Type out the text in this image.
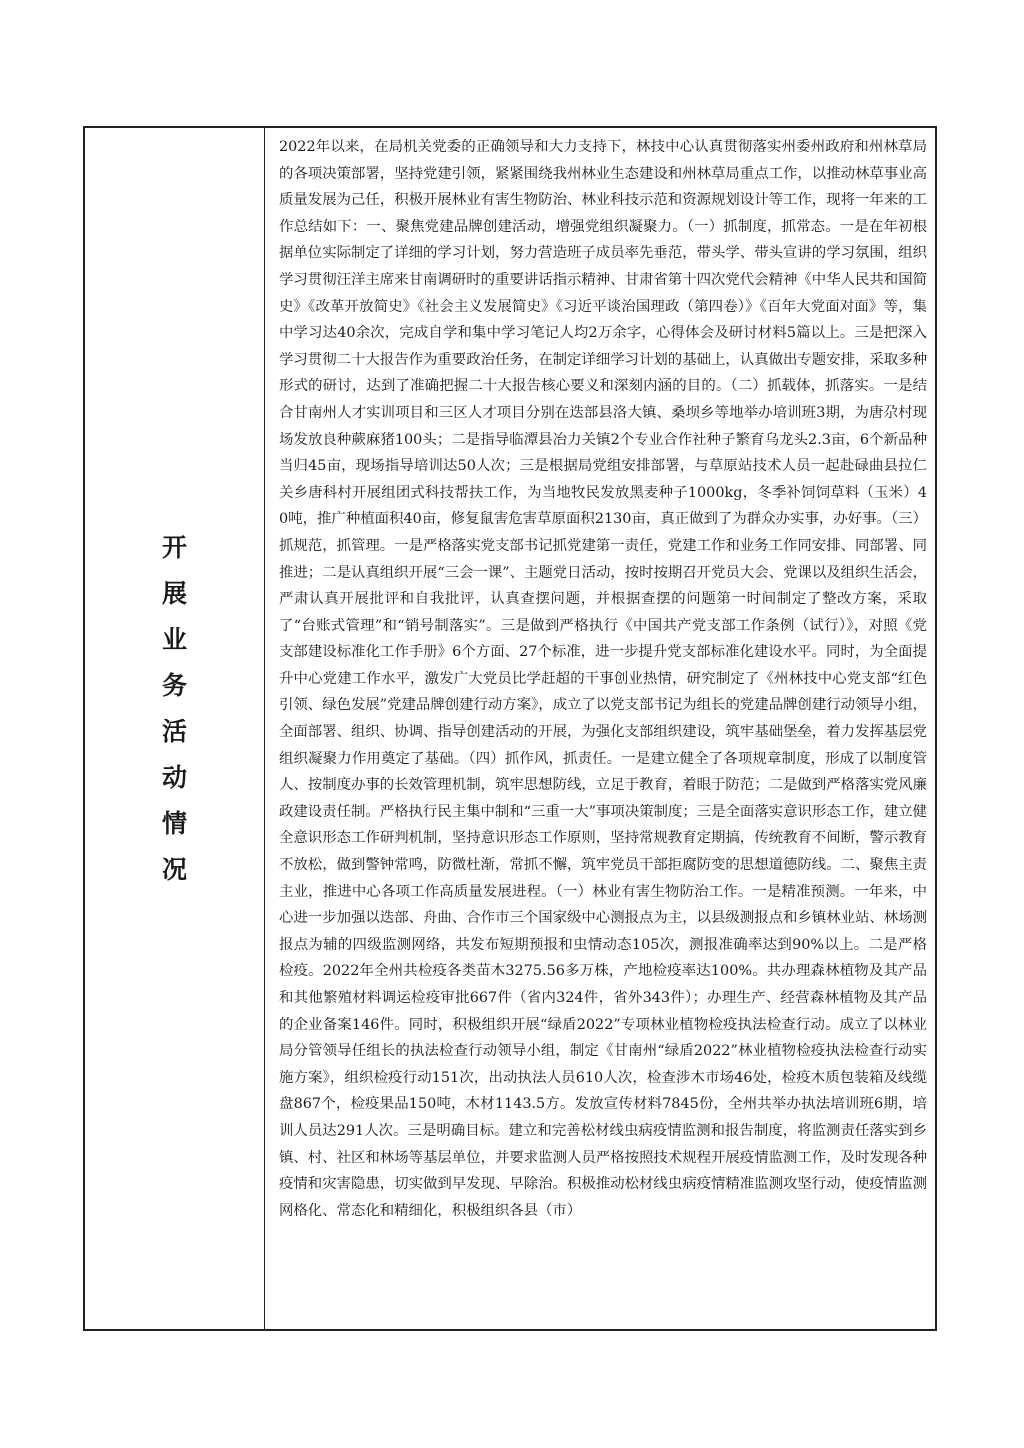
开
展
业
务
活
动
情
况

2022年以来，在局机关党委的正确领导和大力支持下，林技中心认真贯彻落实州委州政府和州林草局的各项决策部署，坚持党建引领，紧紧围绕我州林业生态建设和州林草局重点工作，以推动林草事业高质量发展为己任，积极开展林业有害生物防治、林业科技示范和资源规划设计等工作，现将一年来的工作总结如下：一、聚焦党建品牌创建活动，增强党组织凝聚力。（一）抓制度，抓常态。一是在年初根据单位实际制定了详细的学习计划，努力营造班子成员率先垂范，带头学、带头宣讲的学习氛围，组织学习贯彻汪洋主席来甘南调研时的重要讲话指示精神、甘肃省第十四次党代会精神《中华人民共和国简史》《改革开放简史》《社会主义发展简史》《习近平谈治国理政（第四卷）》《百年大党面对面》等，集中学习达40余次，完成自学和集中学习笔记人均2万余字，心得体会及研讨材料5篇以上。三是把深入学习贯彻二十大报告作为重要政治任务，在制定详细学习计划的基础上，认真做出专题安排，采取多种形式的研讨，达到了准确把握二十大报告核心要义和深刻内涵的目的。（二）抓载体，抓落实。一是结合甘南州人才实训项目和三区人才项目分别在迭部县洛大镇、桑坝乡等地举办培训班3期，为唐尕村现场发放良种蕨麻猪100头；二是指导临潭县冶力关镇2个专业合作社种子繁育乌龙头2.3亩，6个新品种当归45亩，现场指导培训达50人次；三是根据局党组安排部署，与草原站技术人员一起赴碌曲县拉仁关乡唐科村开展组团式科技帮扶工作，为当地牧民发放黑麦种子1000kg，冬季补饲饲草料（玉米）40吨，推广种植面积40亩，修复鼠害危害草原面积2130亩，真正做到了为群众办实事，办好事。（三）抓规范，抓管理。一是严格落实党支部书记抓党建第一责任，党建工作和业务工作同安排、同部署、同推进；二是认真组织开展“三会一课”、主题党日活动，按时按期召开党员大会、党课以及组织生活会，严肃认真开展批评和自我批评，认真查摆问题，并根据查摆的问题第一时间制定了整改方案，采取了“台账式管理”和“销号制落实”。三是做到严格执行《中国共产党支部工作条例（试行）》，对照《党支部建设标准化工作手册》6个方面、27个标准，进一步提升党支部标准化建设水平。同时，为全面提升中心党建工作水平，激发广大党员比学赶超的干事创业热情，研究制定了《州林技中心党支部“红色引领、绿色发展”党建品牌创建行动方案》，成立了以党支部书记为组长的党建品牌创建行动领导小组，全面部署、组织、协调、指导创建活动的开展，为强化支部组织建设，筑牢基础堡垒，着力发挥基层党组织凝聚力作用奠定了基础。（四）抓作风，抓责任。一是建立健全了各项规章制度，形成了以制度管人、按制度办事的长效管理机制，筑牢思想防线，立足于教育，着眼于防范；二是做到严格落实党风廉政建设责任制。严格执行民主集中制和“三重一大”事项决策制度；三是全面落实意识形态工作，建立健全意识形态工作研判机制，坚持意识形态工作原则，坚持常规教育定期搞，传统教育不间断，警示教育不放松，做到警钟常鸣，防微杜渐，常抓不懈，筑牢党员干部拒腐防变的思想道德防线。二、聚焦主责主业，推进中心各项工作高质量发展进程。（一）林业有害生物防治工作。一是精准预测。一年来，中心进一步加强以迭部、舟曲、合作市三个国家级中心测报点为主，以县级测报点和乡镇林业站、林场测报点为辅的四级监测网络，共发布短期预报和虫情动态105次，测报准确率达到90%以上。二是严格检疫。2022年全州共检疫各类苗木3275.56多万株，产地检疫率达100%。共办理森林植物及其产品和其他繁殖材料调运检疫审批667件（省内324件，省外343件）；办理生产、经营森林植物及其产品的企业备案146件。同时，积极组织开展“绿盾2022”专项林业植物检疫执法检查行动。成立了以林业局分管领导任组长的执法检查行动领导小组，制定《甘南州“绿盾2022”林业植物检疫执法检查行动实施方案》，组织检疫行动151次，出动执法人员610人次，检查涉木市场46处，检疫木质包装箱及线缆盘867个，检疫果品150吨，木材1143.5方。发放宣传材料7845份，全州共举办执法培训班6期，培训人员达291人次。三是明确目标。建立和完善松材线虫病疫情监测和报告制度，将监测责任落实到乡镇、村、社区和林场等基层单位，并要求监测人员严格按照技术规程开展疫情监测工作，及时发现各种疫情和灾害隐患，切实做到早发现、早除治。积极推动松材线虫病疫情精准监测攻坚行动，使疫情监测网格化、常态化和精细化，积极组织各县（市）
